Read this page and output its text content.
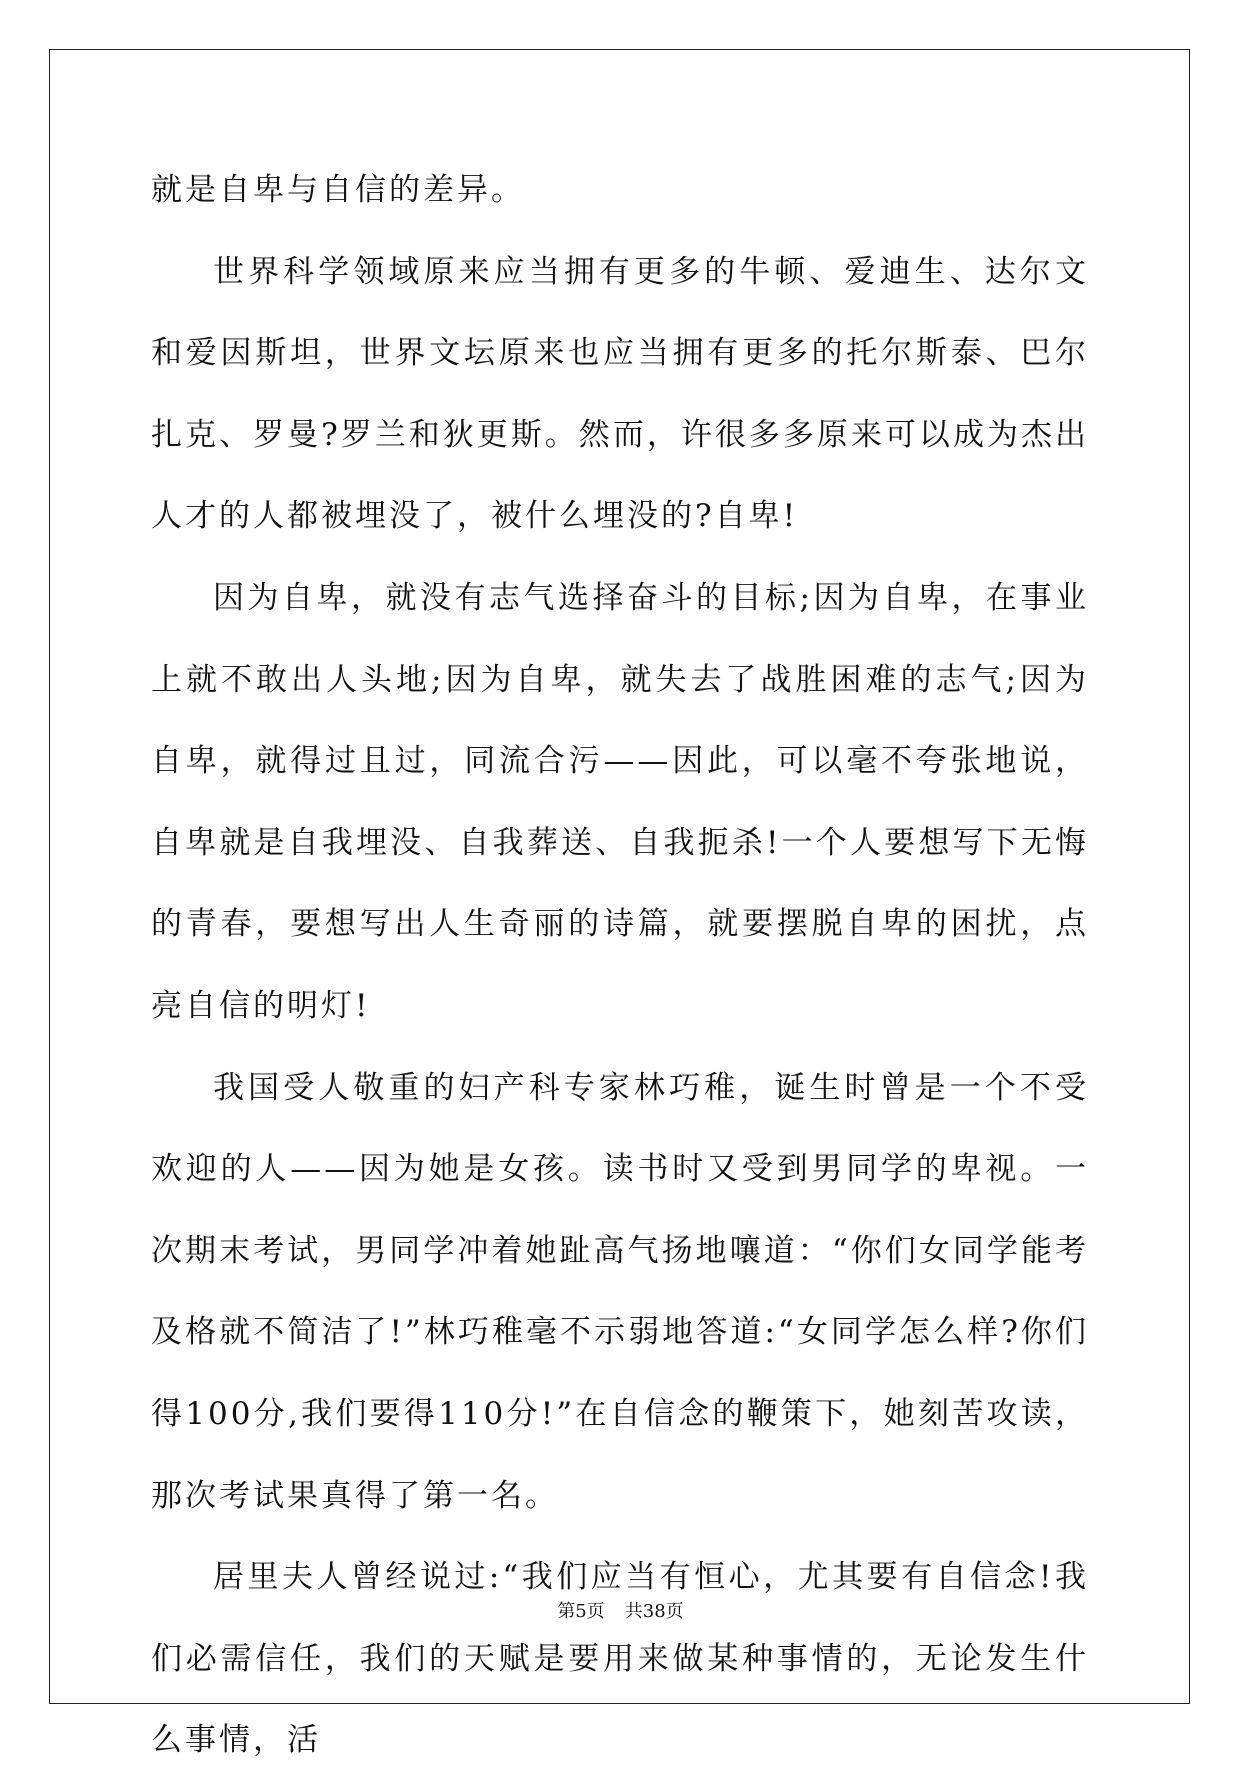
就是自卑与自信的差异。

世界科学领域原来应当拥有更多的牛顿、爱迪生、达尔文和爱因斯坦，世界文坛原来也应当拥有更多的托尔斯泰、巴尔扎克、罗曼?罗兰和狄更斯。然而，许很多多原来可以成为杰出人才的人都被埋没了，被什么埋没的?自卑!

因为自卑，就没有志气选择奋斗的目标;因为自卑，在事业上就不敢出人头地;因为自卑，就失去了战胜困难的志气;因为自卑，就得过且过，同流合污——因此，可以毫不夸张地说，自卑就是自我埋没、自我葬送、自我扼杀!一个人要想写下无悔的青春，要想写出人生奇丽的诗篇，就要摆脱自卑的困扰，点亮自信的明灯!

我国受人敬重的妇产科专家林巧稚，诞生时曾是一个不受欢迎的人——因为她是女孩。读书时又受到男同学的卑视。一次期末考试，男同学冲着她趾高气扬地嚷道：“你们女同学能考及格就不简洁了!”林巧稚毫不示弱地答道:“女同学怎么样?你们得100分,我们要得110分!”在自信念的鞭策下，她刻苦攻读，那次考试果真得了第一名。

居里夫人曾经说过:“我们应当有恒心，尤其要有自信念!我们必需信任，我们的天赋是要用来做某种事情的，无论发生什么事情，活

第5页 共38页
